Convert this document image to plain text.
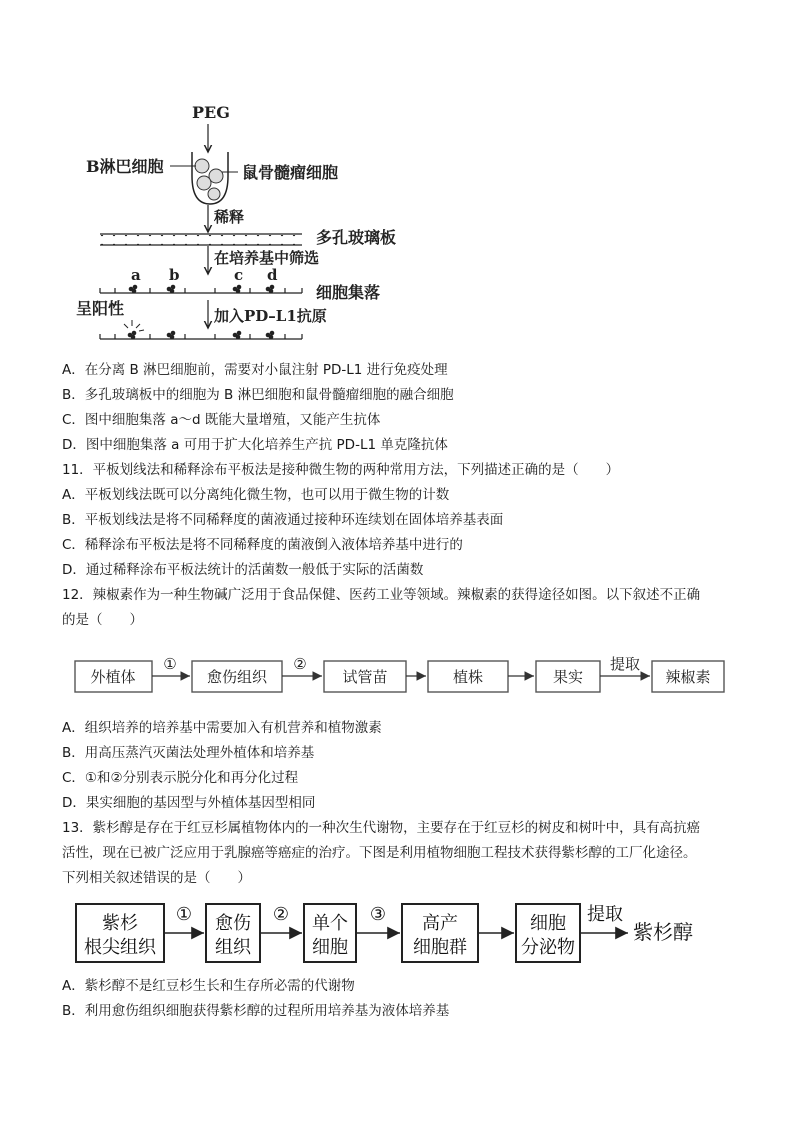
PEG
B淋巴细胞	鼠骨髓瘤细胞
稀释
多孔玻璃板
在培养基中筛选
a b	c d
细胞集落
加入PD–L1抗原
呈阳性
A．在分离 B 淋巴细胞前，需要对小鼠注射 PD-L1 进行免疫处理
B．多孔玻璃板中的细胞为 B 淋巴细胞和鼠骨髓瘤细胞的融合细胞
C．图中细胞集落 a～d 既能大量增殖，又能产生抗体
D．图中细胞集落 a 可用于扩大化培养生产抗 PD-L1 单克隆抗体
11．平板划线法和稀释涂布平板法是接种微生物的两种常用方法，下列描述正确的是（　　）
A．平板划线法既可以分离纯化微生物，也可以用于微生物的计数
B．平板划线法是将不同稀释度的菌液通过接种环连续划在固体培养基表面
C．稀释涂布平板法是将不同稀释度的菌液倒入液体培养基中进行的
D．通过稀释涂布平板法统计的活菌数一般低于实际的活菌数
12．辣椒素作为一种生物碱广泛用于食品保健、医药工业等领域。辣椒素的获得途径如图。以下叙述不正确
的是（　　）
外植体	愈伤组织	试管苗	植株	果实	辣椒素
①	②	提取
A．组织培养的培养基中需要加入有机营养和植物激素
B．用高压蒸汽灭菌法处理外植体和培养基
C．①和②分别表示脱分化和再分化过程
D．果实细胞的基因型与外植体基因型相同
13．紫杉醇是存在于红豆杉属植物体内的一种次生代谢物，主要存在于红豆杉的树皮和树叶中，具有高抗癌
活性，现在已被广泛应用于乳腺癌等癌症的治疗。下图是利用植物细胞工程技术获得紫杉醇的工厂化途径。
下列相关叙述错误的是（　　）
紫杉
根尖组织
愈伤
组织
单个
细胞
高产
细胞群
细胞
分泌物
①	②	③	提取
紫杉醇
A．紫杉醇不是红豆杉生长和生存所必需的代谢物
B．利用愈伤组织细胞获得紫杉醇的过程所用培养基为液体培养基
